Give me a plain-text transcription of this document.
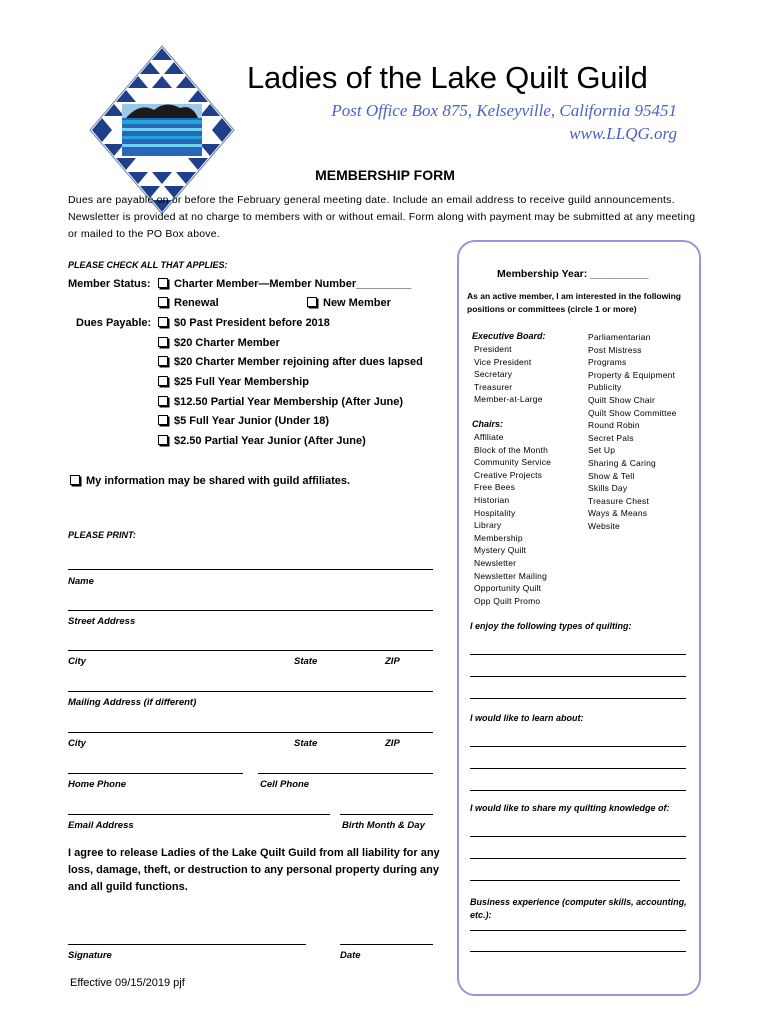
Ladies of the Lake Quilt Guild
Post Office Box 875, Kelseyville, California 95451
www.LLQG.org
MEMBERSHIP FORM
Dues are payable on or before the February general meeting date. Include an email address to receive guild announcements. Newsletter is provided at no charge to members with or without email. Form along with payment may be submitted at any meeting or mailed to the PO Box above.
PLEASE CHECK ALL THAT APPLIES:
Member Status:	Charter Member—Member Number_________
Renewal	New Member
Dues Payable:	$0 Past President before 2018
$20 Charter Member
$20 Charter Member rejoining after dues lapsed
$25 Full Year Membership
$12.50 Partial Year Membership (After June)
$5 Full Year Junior (Under 18)
$2.50 Partial Year Junior (After June)
My information may be shared with guild affiliates.
PLEASE PRINT:
Name
Street Address
City	State	ZIP
Mailing Address (if different)
City	State	ZIP
Home Phone	Cell Phone
Email Address	Birth Month & Day
I agree to release Ladies of the Lake Quilt Guild from all liability for any loss, damage, theft, or destruction to any personal property during any and all guild functions.
Signature	Date
Effective 09/15/2019 pjf
Membership Year: __________
As an active member, I am interested in the following positions or committees (circle 1 or more)
Executive Board:
President
Vice President
Secretary
Treasurer
Member-at-Large
Chairs:
Affiliate
Block of the Month
Community Service
Creative Projects
Free Bees
Historian
Hospitality
Library
Membership
Mystery Quilt
Newsletter
Newsletter Mailing
Opportunity Quilt
Opp Quilt Promo
Parliamentarian
Post Mistress
Programs
Property & Equipment
Publicity
Quilt Show Chair
Quilt Show Committee
Round Robin
Secret Pals
Set Up
Sharing & Caring
Show & Tell
Skills Day
Treasure Chest
Ways & Means
Website
I enjoy the following types of quilting:
I would like to learn about:
I would like to share my quilting knowledge of:
Business experience (computer skills, accounting, etc.):
